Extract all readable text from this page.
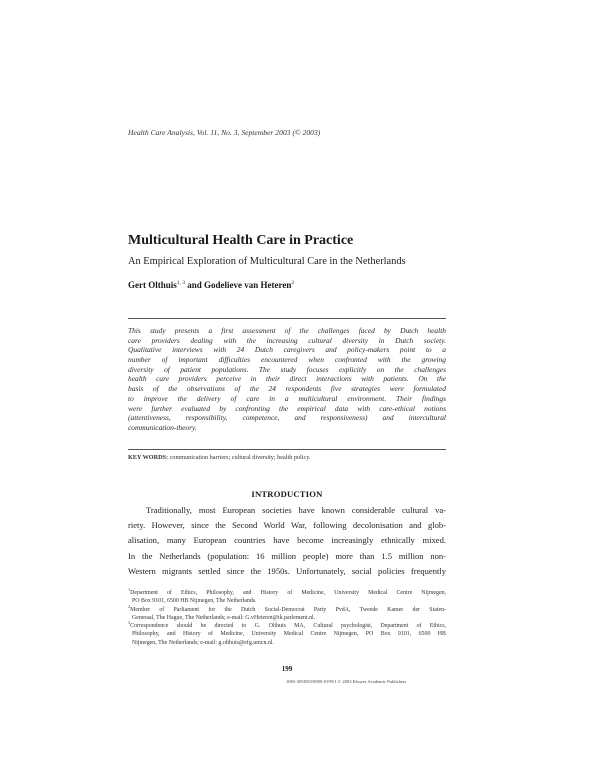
Health Care Analysis, Vol. 11, No. 3, September 2003 (© 2003)
Multicultural Health Care in Practice
An Empirical Exploration of Multicultural Care in the Netherlands
Gert Olthuis$^{1, 3}$ and Godelieve van Heteren$^2$
This study presents a first assessment of the challenges faced by Dutch health
care providers dealing with the increasing cultural diversity in Dutch society.
Qualitative interviews with 24 Dutch caregivers and policy-makers point to a
number of important difficulties encountered when confronted with the growing
diversity of patient populations. The study focuses explicitly on the challenges
health care providers perceive in their direct interactions with patients. On the
basis of the observations of the 24 respondents five strategies were formulated
to improve the delivery of care in a multicultural environment. Their findings
were further evaluated by confronting the empirical data with care-ethical notions
(attentiveness, responsibility, competence, and responsiveness) and intercultural
communication-theory.
KEY WORDS: communication barriers; cultural diversity; health policy.
INTRODUCTION
Traditionally, most European societies have known considerable cultural va-
riety. However, since the Second World War, following decolonisation and glob-
alisation, many European countries have become increasingly ethnically mixed.
In the Netherlands (population: 16 million people) more than 1.5 million non-
Western migrants settled since the 1950s. Unfortunately, social policies frequently
$^1$Department of Ethics, Philosophy, and History of Medicine, University Medical Centre Nijmegen,
PO Box 9101, 6500 HB Nijmegen, The Netherlands.
$^2$Member of Parliament for the Dutch Social-Democrat Party PvdA, Tweede Kamer der Staten-
Generaal, The Hague, The Netherlands; e-mail: G.vHeteren@tk.parlement.nl.
$^3$Correspondence should be directed to G. Olthuis MA, Cultural psychologist, Department of Ethics,
Philosophy, and History of Medicine, University Medical Centre Nijmegen, PO Box 9101, 6500 HB
Nijmegen, The Netherlands; e-mail: g.olthuis@efg.umcn.nl.
199
1065-3058/03/0900-0199/1 © 2003 Kluwer Academic Publishers
